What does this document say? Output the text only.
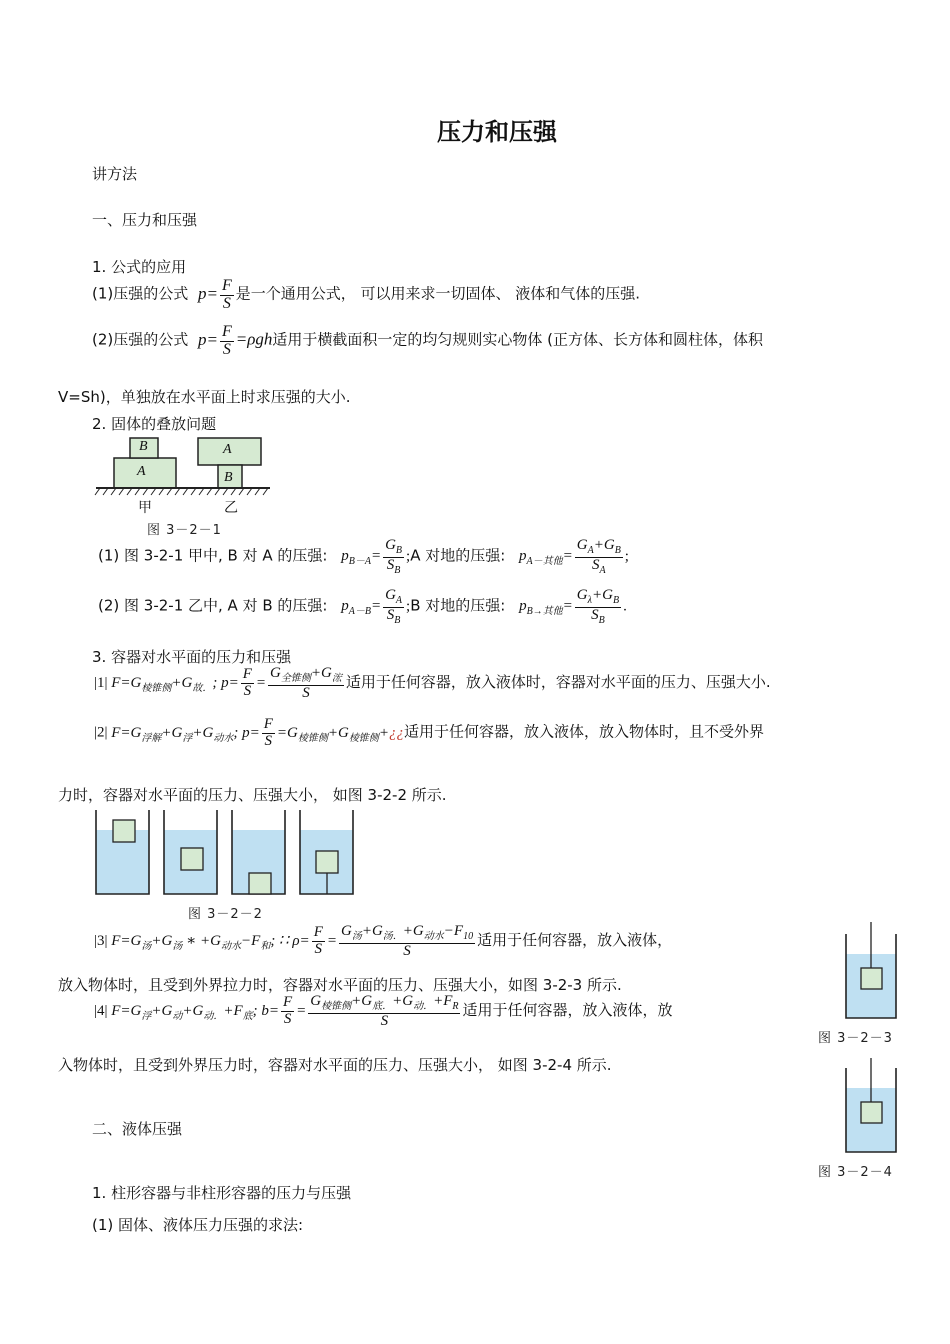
压力和压强
讲方法
一、压力和压强
1. 公式的应用
(1)压强的公式 $p= \frac{F}{S}$ 是一个通用公式， 可以用来求一切固体、 液体和气体的压强.
(2)压强的公式 $p= \frac{F}{S} =\rho gh$适用于横截面积一定的均匀规则实心物体 (正方体、长方体和圆柱体，体积
V=Sh)，单独放在水平面上时求压强的大小.
2. 固体的叠放问题
B
A
A
B
甲	乙
图 3－2－1
(1) 图 3-2-1 甲中, B 对 A 的压强: $p_{B-A}= \frac{G_B}{S_B}$ ;A 对地的压强: $p_{A-其他}= \frac{G_A+G_B}{S_A}$ ;
(2) 图 3-2-1 乙中, A 对 B 的压强: $p_{A-B}= \frac{G_A}{S_B}$ ;B 对地的压强: $p_{B\to 其他}= \frac{G_\lambda+G_B}{S_B}$ .
3. 容器对水平面的压力和压强
|1| $F=G_{棱锥侧}+G_{故.}$; $p= \frac{F}{S} = \frac{G_{全锥侧}+G_浤}{S}$ 适用于任何容器，放入液体时，容器对水平面的压力、压强大小.
|2| $F=G_{浮解}+G_浮+G_{动水}$; $p= \frac{F}{S}$ $=G_{棱锥侧}+G_{棱锥侧}+¿¿$适用于任何容器，放入液体，放入物体时，且不受外界
力时，容器对水平面的压力、压强大小， 如图 3-2-2 所示.
图 3－2－2
|3| $F=G_汤+G_汤$ ∗ $+G_{动水}-F_和$; ∷ $\rho= \frac{F}{S} = \frac{G_汤+G_{汤.}+G_{动水}-F_{10}}{S}$ 适用于任何容器，放入液体，
放入物体时，且受到外界拉力时，容器对水平面的压力、压强大小，如图 3-2-3 所示.
|4| $F=G_浮+G_动+G_{动.}+F_底$; $b= \frac{F}{S} = \frac{G_{棱锥侧}+G_{底.}+G_{动.}+F_R}{S}$ 适用于任何容器，放入液体，放
入物体时，且受到外界压力时，容器对水平面的压力、压强大小， 如图 3-2-4 所示.
图 3－2－3
图 3－2－4
二、液体压强
1. 柱形容器与非柱形容器的压力与压强
(1) 固体、液体压力压强的求法:
